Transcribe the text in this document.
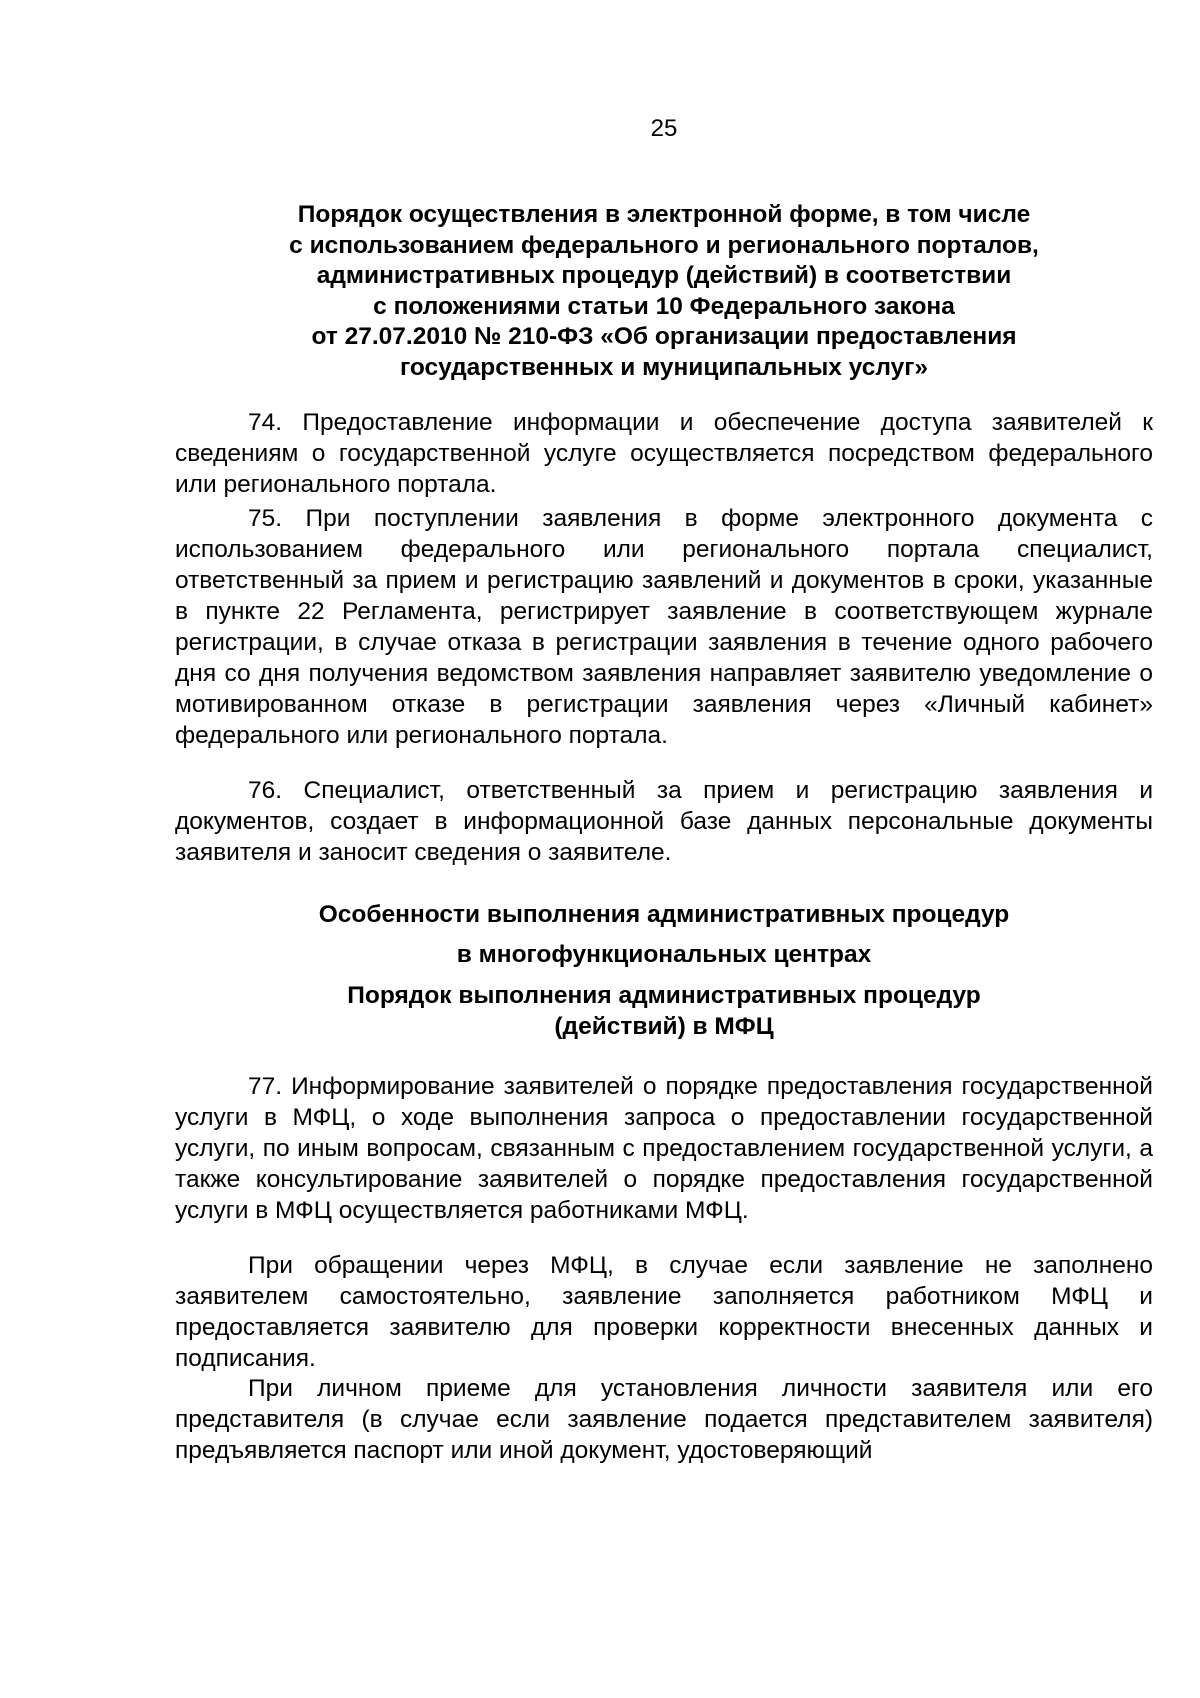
25

Порядок осуществления в электронной форме, в том числе
с использованием федерального и регионального порталов,
административных процедур (действий) в соответствии
с положениями статьи 10 Федерального закона
от 27.07.2010 № 210-ФЗ «Об организации предоставления
государственных и муниципальных услуг»

74. Предоставление информации и обеспечение доступа заявителей к сведениям о государственной услуге осуществляется посредством федерального или регионального портала.

75. При поступлении заявления в форме электронного документа с использованием федерального или регионального портала специалист, ответственный за прием и регистрацию заявлений и документов в сроки, указанные в пункте 22 Регламента, регистрирует заявление в соответствующем журнале регистрации, в случае отказа в регистрации заявления в течение одного рабочего дня со дня получения ведомством заявления направляет заявителю уведомление о мотивированном отказе в регистрации заявления через «Личный кабинет» федерального или регионального портала.

76. Специалист, ответственный за прием и регистрацию заявления и документов, создает в информационной базе данных персональные документы заявителя и заносит сведения о заявителе.

Особенности выполнения административных процедур

в многофункциональных центрах

Порядок выполнения административных процедур
(действий) в МФЦ

77. Информирование заявителей о порядке предоставления государственной услуги в МФЦ, о ходе выполнения запроса о предоставлении государственной услуги, по иным вопросам, связанным с предоставлением государственной услуги, а также консультирование заявителей о порядке предоставления государственной услуги в МФЦ осуществляется работниками МФЦ.

При обращении через МФЦ, в случае если заявление не заполнено заявителем самостоятельно, заявление заполняется работником МФЦ и предоставляется заявителю для проверки корректности внесенных данных и подписания.

При личном приеме для установления личности заявителя или его представителя (в случае если заявление подается представителем заявителя) предъявляется паспорт или иной документ, удостоверяющий
